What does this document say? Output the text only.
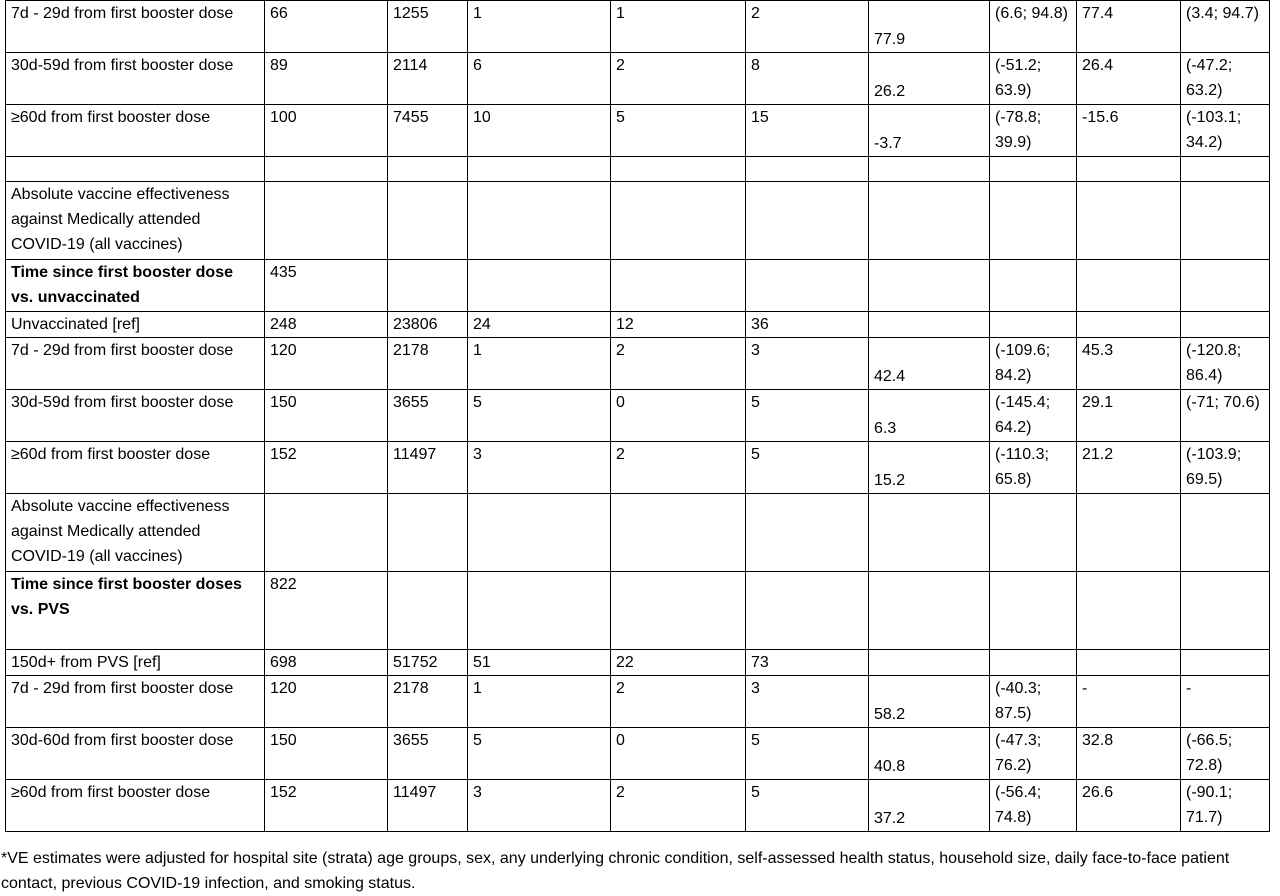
7d - 29d from first booster dose	66	1255	1	1	2	77.9	(6.6; 94.8)	77.4	(3.4; 94.7)
30d-59d from first booster dose	89	2114	6	2	8	26.2	(-51.2; 63.9)	26.4	(-47.2; 63.2)
≥60d from first booster dose	100	7455	10	5	15	-3.7	(-78.8; 39.9)	-15.6	(-103.1; 34.2)

Absolute vaccine effectiveness against Medically attended COVID-19 (all vaccines)									
Time since first booster dose vs. unvaccinated	435								
Unvaccinated [ref]	248	23806	24	12	36				
7d - 29d from first booster dose	120	2178	1	2	3	42.4	(-109.6; 84.2)	45.3	(-120.8; 86.4)
30d-59d from first booster dose	150	3655	5	0	5	6.3	(-145.4; 64.2)	29.1	(-71; 70.6)
≥60d from first booster dose	152	11497	3	2	5	15.2	(-110.3; 65.8)	21.2	(-103.9; 69.5)
Absolute vaccine effectiveness against Medically attended COVID-19 (all vaccines)									
Time since first booster doses vs. PVS	822								
150d+ from PVS [ref]	698	51752	51	22	73				
7d - 29d from first booster dose	120	2178	1	2	3	58.2	(-40.3; 87.5)	-	-
30d-60d from first booster dose	150	3655	5	0	5	40.8	(-47.3; 76.2)	32.8	(-66.5; 72.8)
≥60d from first booster dose	152	11497	3	2	5	37.2	(-56.4; 74.8)	26.6	(-90.1; 71.7)
*VE estimates were adjusted for hospital site (strata) age groups, sex, any underlying chronic condition, self-assessed health status, household size, daily face-to-face patient contact, previous COVID-19 infection, and smoking status.
